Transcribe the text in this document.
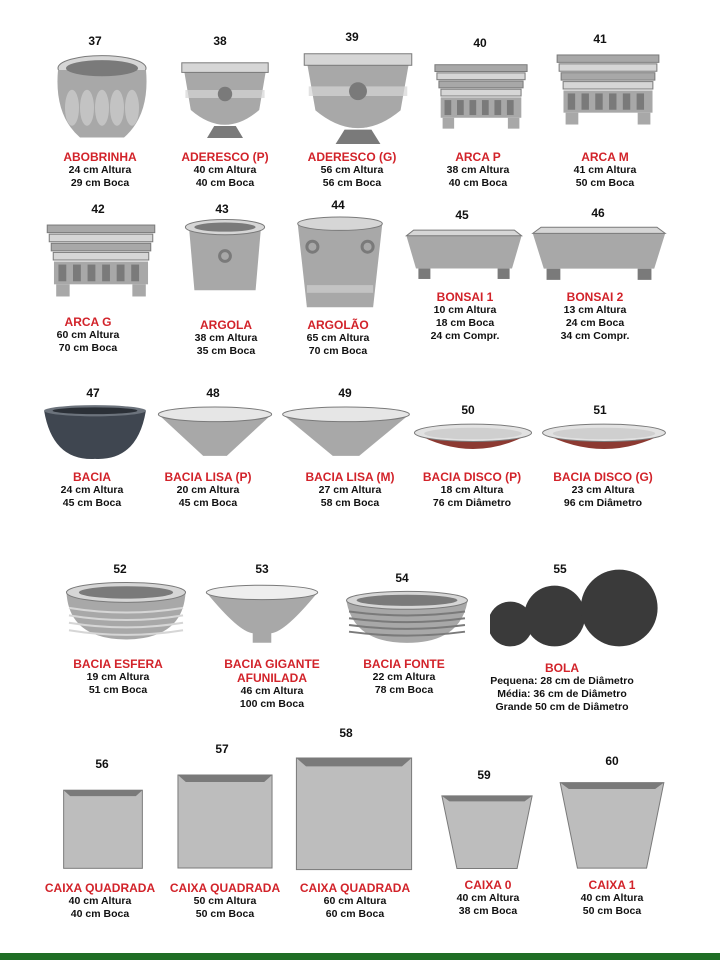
37
ABOBRINHA
24 cm Altura
29 cm Boca
38
ADERESCO (P)
40 cm Altura
40 cm Boca
39
ADERESCO (G)
56 cm Altura
56 cm Boca
40
ARCA P
38 cm Altura
40 cm Boca
41
ARCA M
41 cm Altura
50 cm Boca
42
ARCA G
60 cm Altura
70 cm Boca
43
ARGOLA
38 cm Altura
35 cm Boca
44
ARGOLÃO
65 cm Altura
70 cm Boca
45
BONSAI 1
10 cm Altura
18 cm Boca
24 cm Compr.
46
BONSAI 2
13 cm Altura
24 cm Boca
34 cm Compr.
47
BACIA
24 cm Altura
45 cm Boca
48
BACIA LISA (P)
20 cm Altura
45 cm Boca
49
BACIA LISA (M)
27 cm Altura
58 cm Boca
50
BACIA DISCO (P)
18 cm Altura
76 cm Diâmetro
51
BACIA DISCO (G)
23 cm Altura
96 cm Diâmetro
52
BACIA ESFERA
19 cm Altura
51 cm Boca
53
BACIA GIGANTE
AFUNILADA
46 cm Altura
100 cm Boca
54
BACIA FONTE
22 cm Altura
78 cm Boca
55
BOLA
Pequena: 28 cm de Diâmetro
Média: 36 cm de Diâmetro
Grande 50 cm de Diâmetro
56
CAIXA QUADRADA
40 cm Altura
40 cm Boca
57
CAIXA QUADRADA
50 cm Altura
50 cm Boca
58
CAIXA QUADRADA
60 cm Altura
60 cm Boca
59
CAIXA 0
40 cm Altura
38 cm Boca
60
CAIXA 1
40 cm Altura
50 cm Boca
